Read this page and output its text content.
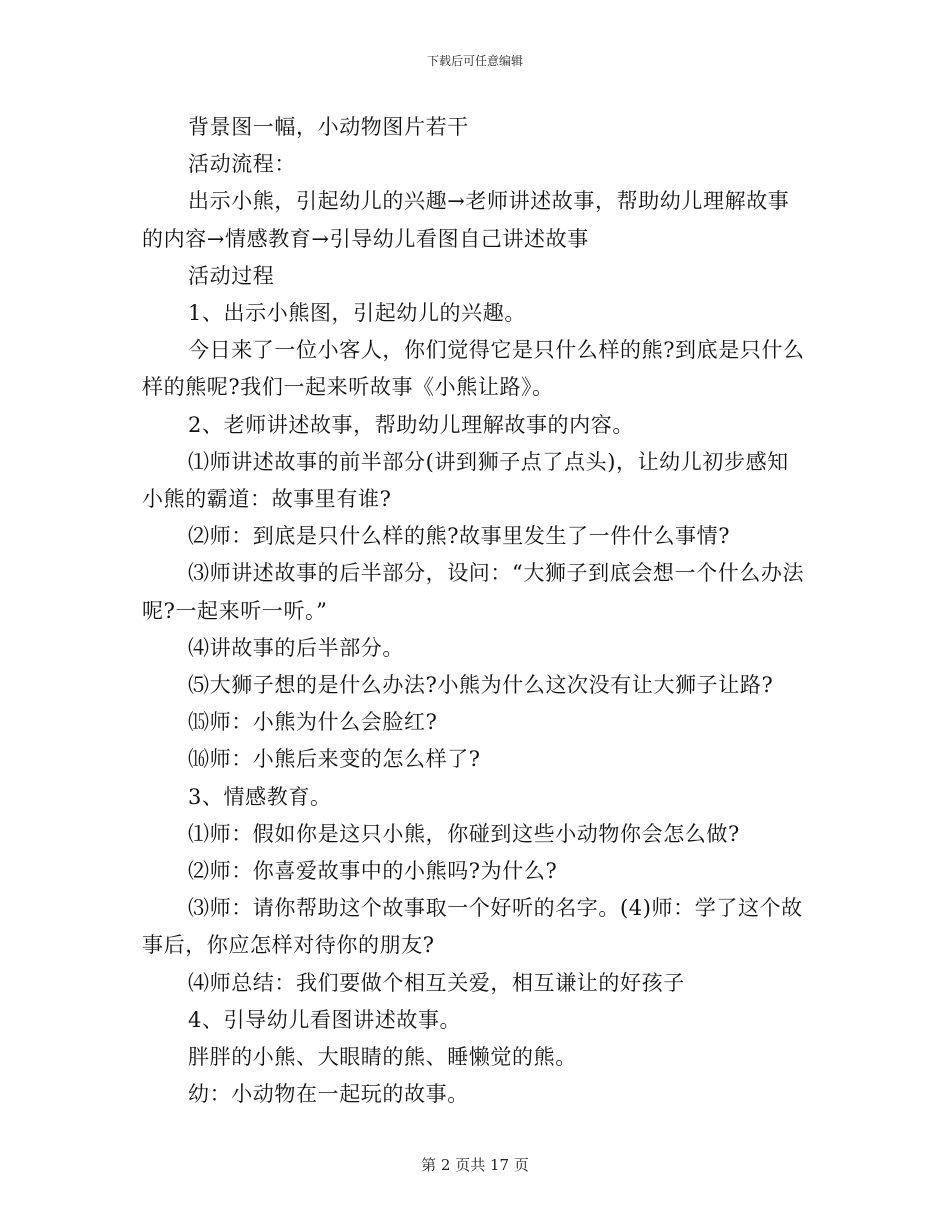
下载后可任意编辑

背景图一幅，小动物图片若干

活动流程：

出示小熊，引起幼儿的兴趣→老师讲述故事，帮助幼儿理解故事的内容→情感教育→引导幼儿看图自己讲述故事

活动过程

1、出示小熊图，引起幼儿的兴趣。

今日来了一位小客人，你们觉得它是只什么样的熊?到底是只什么样的熊呢?我们一起来听故事《小熊让路》。

2、老师讲述故事，帮助幼儿理解故事的内容。

⑴师讲述故事的前半部分(讲到狮子点了点头)，让幼儿初步感知小熊的霸道：故事里有谁?

⑵师：到底是只什么样的熊?故事里发生了一件什么事情?

⑶师讲述故事的后半部分，设问：“大狮子到底会想一个什么办法呢?一起来听一听。”

⑷讲故事的后半部分。

⑸大狮子想的是什么办法?小熊为什么这次没有让大狮子让路?

⒂师：小熊为什么会脸红?

⒃师：小熊后来变的怎么样了?

3、情感教育。

⑴师：假如你是这只小熊，你碰到这些小动物你会怎么做?

⑵师：你喜爱故事中的小熊吗?为什么?

⑶师：请你帮助这个故事取一个好听的名字。(4)师：学了这个故事后，你应怎样对待你的朋友?

⑷师总结：我们要做个相互关爱，相互谦让的好孩子

4、引导幼儿看图讲述故事。

胖胖的小熊、大眼睛的熊、睡懒觉的熊。

幼：小动物在一起玩的故事。

第 2 页共 17 页
